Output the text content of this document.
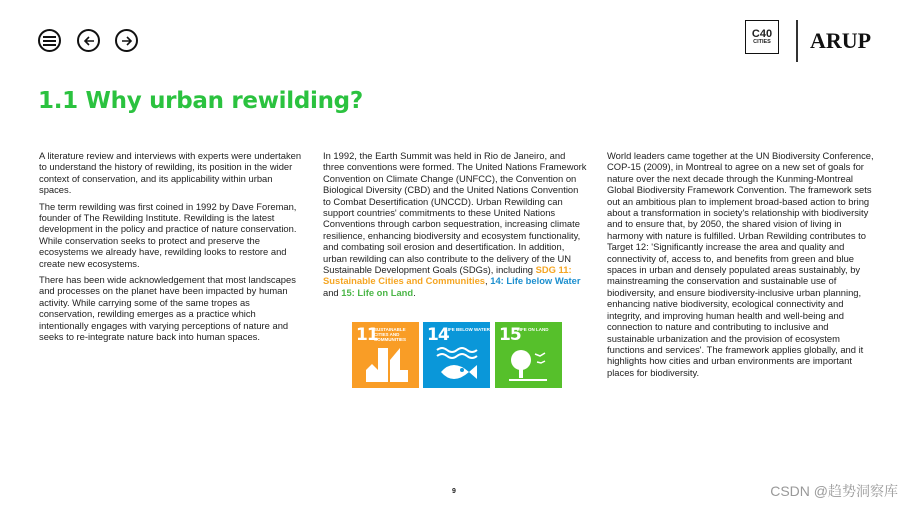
C40
CITIES ARUP
1.1 Why urban rewilding?

A literature review and interviews with experts were undertaken to understand the history of rewilding, its position in the wider context of conservation, and its applicability within urban spaces.

The term rewilding was first coined in 1992 by Dave Foreman, founder of The Rewilding Institute. Rewilding is the latest development in the policy and practice of nature conservation. While conservation seeks to protect and preserve the ecosystems we already have, rewilding looks to restore and create new ecosystems.

There has been wide acknowledgement that most landscapes and processes on the planet have been impacted by human activity. While carrying some of the same tropes as conservation, rewilding emerges as a practice which intentionally engages with varying perceptions of nature and seeks to re-integrate nature back into human spaces.

In 1992, the Earth Summit was held in Rio de Janeiro, and three conventions were formed. The United Nations Framework Convention on Climate Change (UNFCC), the Convention on Biological Diversity (CBD) and the United Nations Convention to Combat Desertification (UNCCD). Urban Rewilding can support countries' commitments to these United Nations Conventions through carbon sequestration, increasing climate resilience, enhancing biodiversity and ecosystem functionality, and combating soil erosion and desertification. In addition, urban rewilding can also contribute to the delivery of the UN Sustainable Development Goals (SDGs), including SDG 11: Sustainable Cities and Communities, 14: Life below Water and 15: Life on Land.

11
SUSTAINABLE CITIES AND COMMUNITIES	14
LIFE BELOW WATER 15
LIFE ON LAND

World leaders came together at the UN Biodiversity Conference, COP-15 (2009), in Montreal to agree on a new set of goals for nature over the next decade through the Kunming-Montreal Global Biodiversity Framework Convention. The framework sets out an ambitious plan to implement broad-based action to bring about a transformation in society's relationship with biodiversity and to ensure that, by 2050, the shared vision of living in harmony with nature is fulfilled. Urban Rewilding contributes to Target 12: 'Significantly increase the area and quality and connectivity of, access to, and benefits from green and blue spaces in urban and densely populated areas sustainably, by mainstreaming the conservation and sustainable use of biodiversity, and ensure biodiversity-inclusive urban planning, enhancing native biodiversity, ecological connectivity and integrity, and improving human health and well-being and connection to nature and contributing to inclusive and sustainable urbanization and the provision of ecosystem functions and services'. The framework applies globally, and it highlights how cities and urban environments are important places for biodiversity.

9	CSDN @趋势洞察库
